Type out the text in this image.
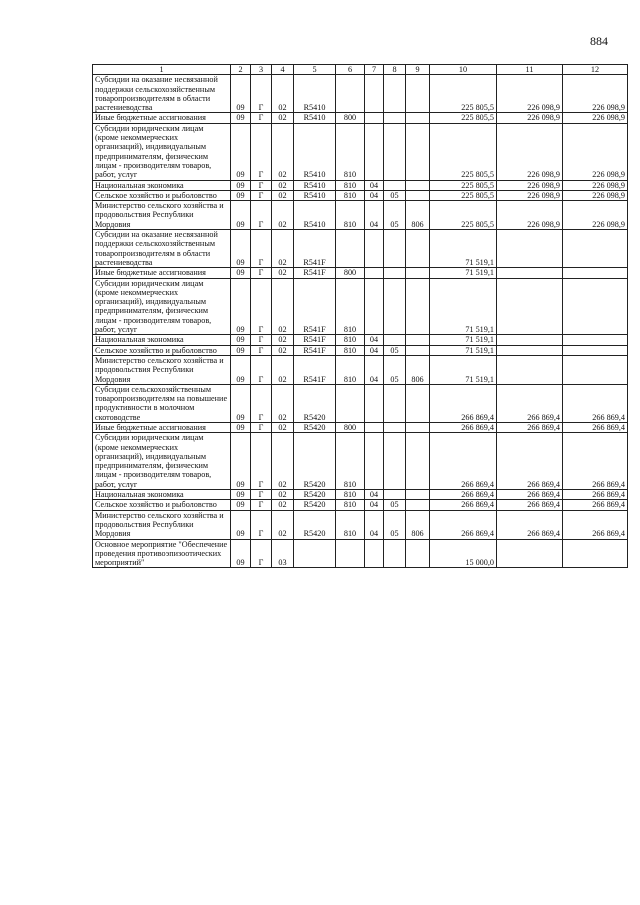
884
1	2	3	4	5	6	7	8	9	10	11	12
Субсидии на оказание несвязанной поддержки сельскохозяйственным товаропроизводителям в области растениеводства	09	Г	02	R5410					225 805,5	226 098,9	226 098,9
Иные бюджетные ассигнования	09	Г	02	R5410	800				225 805,5	226 098,9	226 098,9
Субсидии юридическим лицам (кроме некоммерческих организаций), индивидуальным предпринимателям, физическим лицам - производителям товаров, работ, услуг	09	Г	02	R5410	810				225 805,5	226 098,9	226 098,9
Национальная экономика	09	Г	02	R5410	810	04			225 805,5	226 098,9	226 098,9
Сельское хозяйство и рыболовство	09	Г	02	R5410	810	04	05		225 805,5	226 098,9	226 098,9
Министерство сельского хозяйства и продовольствия Республики Мордовия	09	Г	02	R5410	810	04	05	806	225 805,5	226 098,9	226 098,9
Субсидии на оказание несвязанной поддержки сельскохозяйственным товаропроизводителям в области растениеводства	09	Г	02	R541F					71 519,1		
Иные бюджетные ассигнования	09	Г	02	R541F	800				71 519,1		
Субсидии юридическим лицам (кроме некоммерческих организаций), индивидуальным предпринимателям, физическим лицам - производителям товаров, работ, услуг	09	Г	02	R541F	810				71 519,1		
Национальная экономика	09	Г	02	R541F	810	04			71 519,1		
Сельское хозяйство и рыболовство	09	Г	02	R541F	810	04	05		71 519,1		
Министерство сельского хозяйства и продовольствия Республики Мордовия	09	Г	02	R541F	810	04	05	806	71 519,1		
Субсидии сельскохозяйственным товаропроизводителям на повышение продуктивности в молочном скотоводстве	09	Г	02	R5420					266 869,4	266 869,4	266 869,4
Иные бюджетные ассигнования	09	Г	02	R5420	800				266 869,4	266 869,4	266 869,4
Субсидии юридическим лицам (кроме некоммерческих организаций), индивидуальным предпринимателям, физическим лицам - производителям товаров, работ, услуг	09	Г	02	R5420	810				266 869,4	266 869,4	266 869,4
Национальная экономика	09	Г	02	R5420	810	04			266 869,4	266 869,4	266 869,4
Сельское хозяйство и рыболовство	09	Г	02	R5420	810	04	05		266 869,4	266 869,4	266 869,4
Министерство сельского хозяйства и продовольствия Республики Мордовия	09	Г	02	R5420	810	04	05	806	266 869,4	266 869,4	266 869,4
Основное мероприятие "Обеспечение проведения противоэпизоотических мероприятий"	09	Г	03						15 000,0		
